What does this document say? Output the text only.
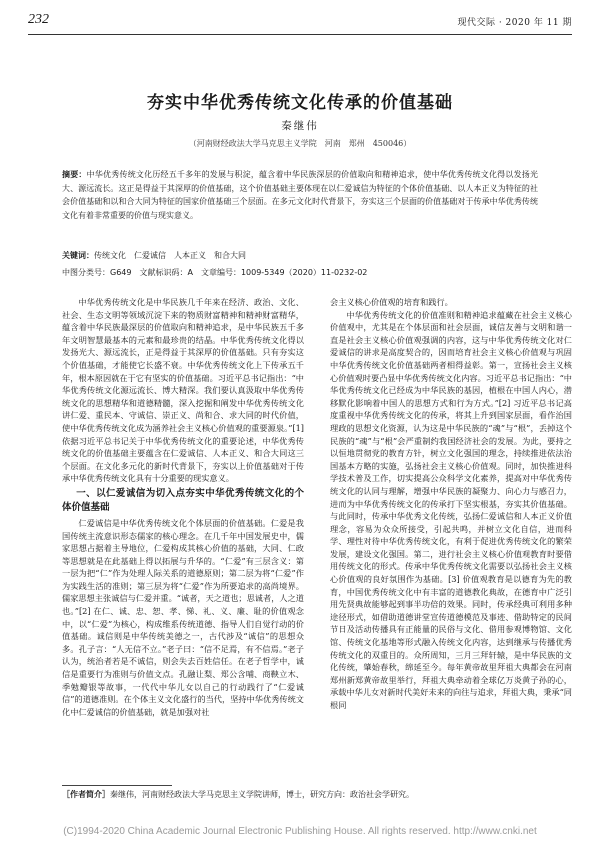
232	现代交际 · 2020 年 11 期
夯实中华优秀传统文化传承的价值基础
秦继伟
（河南财经政法大学马克思主义学院　河南　郑州　450046）
摘要：中华优秀传统文化历经五千多年的发展与积淀，蕴含着中华民族深层的价值取向和精神追求，使中华优秀传统文化得以发扬光大、源远流长。这正是得益于其深厚的价值基础，这个价值基础主要体现在以仁爱诚信为特征的个体价值基础、以人本正义为特征的社会价值基础和以和合大同为特征的国家价值基础三个层面。在多元文化时代背景下，夯实这三个层面的价值基础对于传承中华优秀传统文化有着非常重要的价值与现实意义。
关键词：传统文化　仁爱诚信　人本正义　和合大同
中图分类号：G649　文献标识码：A　文章编号：1009-5349（2020）11-0232-02

中华优秀传统文化是中华民族几千年来在经济、政治、文化、社会、生态文明等领域沉淀下来的物质财富精神和精神财富精华，蕴含着中华民族最深层的价值取向和精神追求，是中华民族五千多年文明智慧最基本的元素和最珍贵的结晶。中华优秀传统文化得以发扬光大、源远流长，正是得益于其深厚的价值基础。只有夯实这个价值基础，才能使它长盛不衰。中华优秀传统文化上下传承五千年，根本原因就在于它有坚实的价值基础。习近平总书记指出：“中华优秀传统文化源远流长、博大精深。我们要认真汲取中华优秀传统文化的思想精华和道德精髓，深入挖掘和阐发中华优秀传统文化讲仁爱、重民本、守诚信、崇正义、尚和合、求大同的时代价值，使中华优秀传统文化成为涵养社会主义核心价值观的重要源泉。”[1] 依据习近平总书记关于中华优秀传统文化的重要论述，中华优秀传统文化的价值基础主要蕴含在仁爱诚信、人本正义、和合大同这三个层面。在文化多元化的新时代背景下，夯实以上价值基础对于传承中华优秀传统文化具有十分重要的现实意义。

一、以仁爱诚信为切入点夯实中华优秀传统文化的个体价值基础

仁爱诚信是中华优秀传统文化个体层面的价值基础。仁爱是我国传统主流意识形态儒家的核心理念。在几千年中国发展史中，儒家思想占据着主导地位，仁爱构成其核心价值的基础，大同、仁政等思想就是在此基础上得以拓展与升华的。“仁爱”有三层含义：第一层为把“仁”作为处理人际关系的道德原则；第二层为将“仁爱”作为实践生活的准则；第三层为将“仁爱”作为所要追求的高尚境界。儒家思想主张诚信与仁爱并重。“诚者，天之道也；思诚者，人之道也。”[2] 在仁、诚、忠、恕、孝、悌、礼、义、廉、耻的价值观念中，以“仁爱”为核心，构成维系传统道德、指导人们自觉行动的价值基础。诚信则是中华传统美德之一，古代涉及“诚信”的思想众多。孔子言：“人无信不立。”老子曰：“信不足焉，有不信焉。”老子认为，统治者若是不诚信，则会失去百姓信任。在老子哲学中，诚信是重要行为准则与价值文点。孔融让梨、郑公含哺、商鞅立木、季勉瓣银等故事，一代代中华儿女以自己的行动践行了“仁爱诚信”的道德准则。在个体主义文化盛行的当代，坚持中华优秀传统文化中仁爱诚信的价值基础，就是加强对社

会主义核心价值观的培育和践行。

中华优秀传统文化的价值准则和精神追求蕴藏在社会主义核心价值观中，尤其是在个体层面和社会层面，诚信友善与文明和谐一直是社会主义核心价值观强调的内容，这与中华优秀传统文化对仁爱诚信的讲求是高度契合的，因而培育社会主义核心价值观与巩固中华优秀传统文化价值基础两者相得益彰。第一，宣扬社会主义核心价值观时要凸显中华优秀传统文化内容。习近平总书记指出：“中华优秀传统文化已经成为中华民族的基因，植根在中国人内心，潜移默化影响着中国人的思想方式和行为方式。”[2] 习近平总书记高度重视中华优秀传统文化的传承，将其上升到国家层面，看作治国理政的思想文化资源，认为这是中华民族的“魂”与“根”，丢掉这个民族的“魂”与“根”会严重制约我国经济社会的发展。为此，要持之以恒地贯彻党的教育方针，树立文化强国的理念，持续推进依法治国基本方略的实施，弘扬社会主义核心价值观。同时，加快推进科学技术普及工作，切实提高公众科学文化素养，提高对中华优秀传统文化的认同与理解，增强中华民族的凝聚力、向心力与感召力，进而为中华优秀传统文化的传承打下坚实根基，夯实其价值基础。与此同时，传承中华优秀文化传统，弘扬仁爱诚信和人本正义价值理念，容易为众众所接受，引起共鸣，并树立文化自信，进而科学、理性对待中华优秀传统文化，有利于促进优秀传统文化的繁荣发展，建设文化强国。第二，进行社会主义核心价值观教育时要借用传统文化的形式。传承中华优秀传统文化需要以弘扬社会主义核心价值观的良好氛围作为基础。[3] 价值观教育是以德育为先的教育，中国优秀传统文化中有丰富的道德教化典故，在德育中广泛引用先贤典故能够起到事半功倍的效果。同时，传承经典可利用多种途径形式，如借助道德讲堂宣传道德模范及事迹、借助特定的民间节日及活动传播具有正能量的民俗与文化、借用参观博物馆、文化馆、传统文化基地等形式融入传统文化内容，达到继承与传播优秀传统文化的双重目的。众所周知，三月三拜轩辕，是中华民族的文化传统，肇始春秋，绵延至今。每年黄帝故里拜祖大典都会在河南郑州新郑黄帝故里举行，拜祖大典牵动着全球亿万炎黄子孙的心，承载中华儿女对新时代美好未来的向往与追求，拜祖大典，秉承“同根同

［作者简介］秦继伟，河南财经政法大学马克思主义学院讲师，博士，研究方向：政治社会学研究。
(C)1994-2020 China Academic Journal Electronic Publishing House. All rights reserved. http://www.cnki.net
